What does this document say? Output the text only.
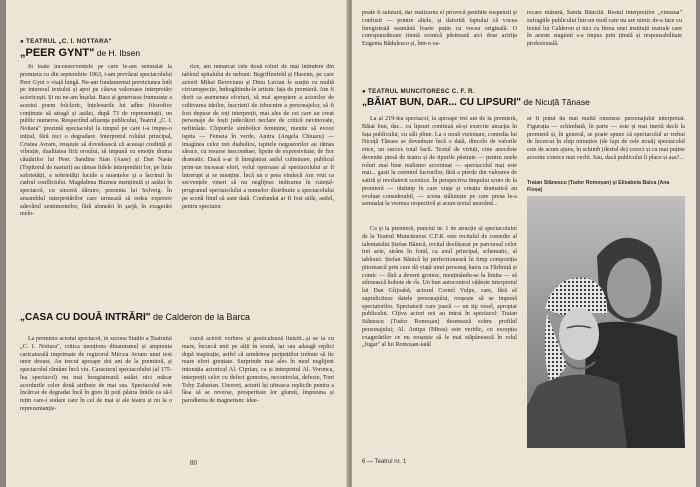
● TEATRUL „C. I. NOTTARA"
„PEER GYNT" de H. Ibsen

În toate inconsecvențele pe care le-am semnalat la premiera cu din septembrie 1963, i-am prevăzut spectacolului Peer Gynt o viață lungă. Ne-am fundamentat previziunea întîi pe interesul textului și apoi pe câteva valoroase interpretări actoricești. Și nu ne-am înșelat. Bara și generoasa frumusețe a acestui poem folcloric, înțelesurile lui adînc filozofice conținute să atragă și astăzi, după 73 de reprezentații, un public numeros. Respectînd afluența publicului, Teatrul „C. I. Nottara" prezintă spectacolul la timpul pe care i-a impus-o inițial, fără nici o degradare. Interpretul rolului principal, Cristea Avram, reușește să dovedească că aceeași credință și vibrație, dualitatea firii eroului, să impună cu emoție drama căutărilor lui Peer. Sandina Stan (Aase) și Dan Nasta (Topitorul de nasturi) au rămas fidele interpretării lor, pe linia sobrietății, a sobrietății lucide a nuanțelor și a lacrimii în cadrul conflictului. Magdalena Buznea menținută și astăzi în spectacol, cu sinceră dăruire, prezenta lui Solveig. În ansamblul interpretărilor care urmează să redea expresiv adevărul sentimentelor, fără aluneări în șarjă, în exagerări melo-

rice, am remarcat cele două roluri de mai întindere din tabloul spitalului de nebuni: Begriffenfeld și Huseim, pe care actorii Mihai Berovianu și Dinu Lucian le susțin cu multă circumspecție, îmbogățindu-le artistic fața de premieră. Am fi dorit ca asemenea eforturi, să mai apropiere a actorilor de cultivarea ideilor, înscrierii de izbucnire a personajelor, să fi fost depuse de toți interpreții, mai ales de cei care au creat personaje de foști judecători neclare de critică nevinovate, nefiinlate. Chipurile simbolice feminine, menite să evoce ispita — Femeia în verde, Anitra (Angela Chiuaru) — imaginea celor trei diabolice, ispitele negustorilor au rămas sărace, cu resurse ineconduse, lipsite de expresivitate, de fior dramatic. Dacă s-ar fi înregistrat astfel culminare, publicul prim-un inceasar efort, volul operoase al spectacolului ar fi întrerupt și se menține. Încă un e prea vindecă Am vrut ca secvențele vineri să nu neglijeze indicarea în cuiețul-programul spectacolului a numelor distribuite a spectacolului pe scenă fiind că sunt dată. Confundat ar fi fost utile, astfel, pentru spectator.

„CASA CU DOUĂ INTRĂRI" de Calderon de la Barca

La premiera acestui spectacol, în sezona Studio a Teatrului „C. I. Nottara", critica menționa dinamismul și ampreuta caricaturală imprimate de regizorul Mircea Avram unui text unor desuet. Au trecut aproape doi ani de la premieră, și spectacolul rămâne încă viu. Caracterul spectacolului (al 175-lea spectacol) nu mai înregistrează astăzi nici măcar acordurile celor două atribute de mai sus. Spectacolul este încărcat de degradat încă în greu îți poți păstra liniile ca să-l rețin care-i sudare care în cel de mai și ale teatru și nu la o reprezentanție-

curcă actorii vorbesc și gesticulează linistit...și se ia cu mare, încurcă unii pe alții în scenă, iar sau adaugă replici după inspirație, astfel că urmărirea peripețiilor trebuie să fie mare efort greutate. Surprinde mai ales în mod neglijent intonația actoricul Al. Ciprian, ca și interpretul Al. Voronca, interpreții celor cu defect gomotos, necontrolat, defecte, Toni Toby Zaharian. Unorori, actorii își uiteasca replicile pentru a lăsa să se reverse, prosperitate lor glumit, împreuna și parodierea de magnetism: idee-

80

poate fi salutară, dar realizarea ei provocă penibile suspensii și confuzii — printre altele, și datorită faptului că vocea înregistrată seamănă foarte puțin cu vocea originală. O corespunzătoare tinută scenică păstrează aici doar actrița Eugenia Bădulescu și, într-o oa-

recare măsură, Sanda Băncilă. Restul interpreților „vineaua" sufragiile publicului într-un mod care nu are nimic de-a face cu textul lui Calderon și nici cu firma unei instituții teatrale care în aceste stagiuni s-a impus prin ținută și responsabilitate profesională.

● TEATRUL MUNCITORESC C. F. R.
„BĂIAT BUN, DAR... CU LIPSURI" de Nicuță Tănase

La al 219-lea spectacol, la aproape trei ani de la premieră, Băiat bun, dar... cu lipsuri continuă să-și exercite atracția în fața publicului, cu săli pline. La o nouă vizionare, comedia lui Nicuță Tănase se dovedește încă o dată, dincolo de valorile etice, un succes total facil. Textul de virtuți, cine anecdote devenite piesă de teatru și de tipurile păstrate — pentru unele roluri mai bine realismo accentuat — spectacolul mai este mai... gasit la curentul lucrurilor, fără a pierde din valoarea de satiră și revelatorii sceniice. În perspectiva timpului scurs de la premieră — răstimp în care viața și creația dramatică au evoluat considerabil, — scena stăluiește pe care presa le-a semnalat la vremea respectivă și acum textul neavând...

Ca și la premieră, punctul nr. 1 de atracție al spectacolului de la Teatrul Muncitoresc C.F.R. este recitalul de comedie al talentatului Ștefan Bănică, recital desfășurat pe parcursul celor trei acte, strâns în fond, ca axul principal, schematic, al tablouri. Ștefan Bănică își perfectionează în timp compoziția pitorească prin care dă viață unui personaj haios ca Fărîmiță și comic — fără a deveni grotesc, menținându-se la limita — să stîrnească hohote de rîs. Un bun autocontrol vădește interpretul lui Dan Gîrjoabă, actorul Cornel Vulpe, care, fără să supraliciteze datele personajului, reușește să se impună spectatorilor. Spectatorii care joacă — un tip vesel, apropiat publicului. Cîțiva actori noi au intrat în spectacol: Traian Stănescu (Tudor Romoșan) desenează sobru profilul personajului; Al. Antipa (Mirea) este veridic, cu excepția exagerărilor ce nu reușește să le mai stăpânească în rolul „fugar" al lui Romoșan-tatăl

ar fi putut da mai multă omenesc personajului interpretat. Figurația — schimbată, în parte — este și mai inertă decît la premieră și, în general, se poate spune că spectacolul ar trebui de încercat în chip minuțios (de fapt de cele nouă) spectacolul este de acum ajuns, în schimb (destul de) corect și cu mai puține accente comice mai vechi. Sau, dacă publicului îi place și așa?...

Traian Stănescu (Tudor Romoșan) și Elisabeta Balca (Ana Floșa)
6 — Teatrul nr. 1
